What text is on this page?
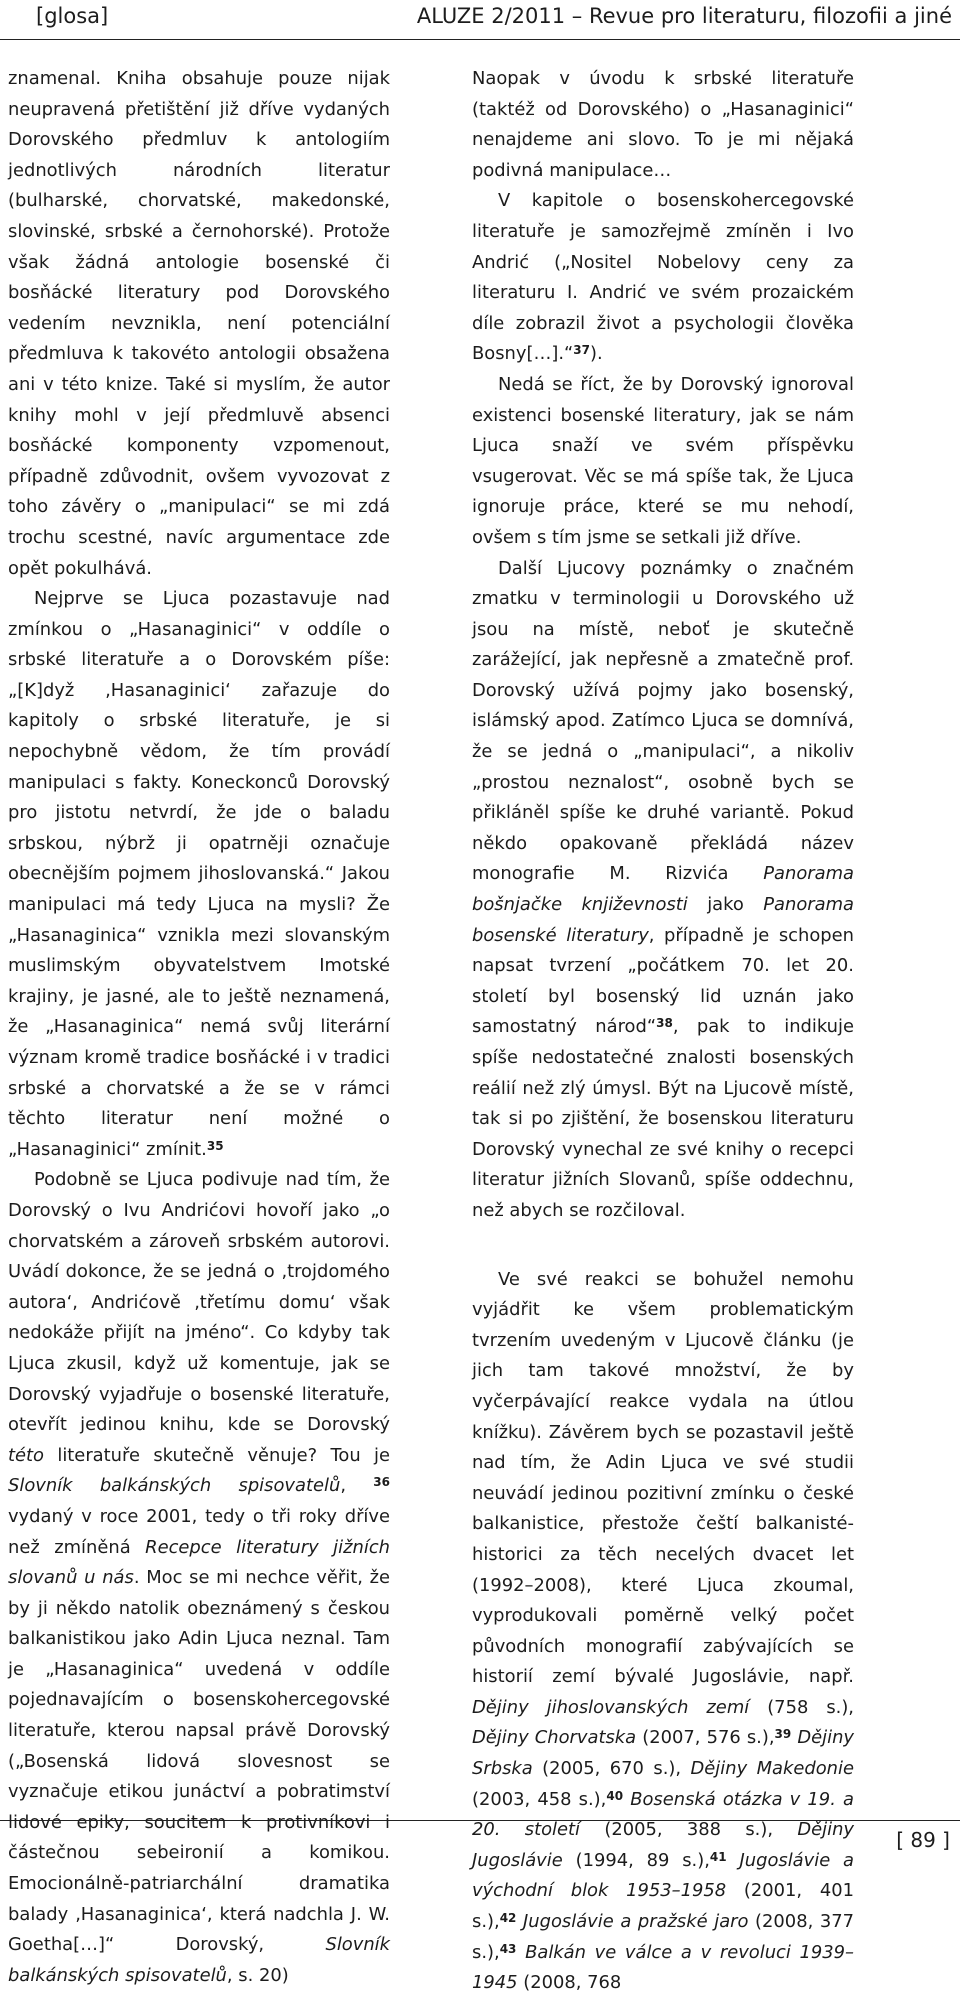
[glosa]	ALUZE 2/2011 – Revue pro literaturu, filozofii a jiné

znamenal. Kniha obsahuje pouze nijak neupravená přetištění již dříve vydaných Dorovského předmluv k antologiím jednotlivých národních literatur (bulharské, chorvatské, makedonské, slovinské, srbské a černohorské). Protože však žádná antologie bosenské či bosňácké literatury pod Dorovského vedením nevznikla, není potenciální předmluva k takovéto antologii obsažena ani v této knize. Také si myslím, že autor knihy mohl v její předmluvě absenci bosňácké komponenty vzpomenout, případně zdůvodnit, ovšem vyvozovat z toho závěry o „manipulaci“ se mi zdá trochu scestné, navíc argumentace zde opět pokulhává.

Nejprve se Ljuca pozastavuje nad zmínkou o „Hasanaginici“ v oddíle o srbské literatuře a o Dorovském píše: „[K]dyž ‚Hasanaginici‘ zařazuje do kapitoly o srbské literatuře, je si nepochybně vědom, že tím provádí manipulaci s fakty. Koneckonců Dorovský pro jistotu netvrdí, že jde o baladu srbskou, nýbrž ji opatrněji označuje obecnějším pojmem jihoslovanská.“ Jakou manipulaci má tedy Ljuca na mysli? Že „Hasanaginica“ vznikla mezi slovanským muslimským obyvatelstvem Imotské krajiny, je jasné, ale to ještě neznamená, že „Hasanaginica“ nemá svůj literární význam kromě tradice bosňácké i v tradici srbské a chorvatské a že se v rámci těchto literatur není možné o „Hasanaginici“ zmínit.$^{35}$

Podobně se Ljuca podivuje nad tím, že Dorovský o Ivu Andrićovi hovoří jako „o chorvatském a zároveň srbském autorovi. Uvádí dokonce, že se jedná o ‚trojdomého autora‘, Andrićově ‚třetímu domu‘ však nedokáže přijít na jméno“. Co kdyby tak Ljuca zkusil, když už komentuje, jak se Dorovský vyjadřuje o bosenské literatuře, otevřít jedinou knihu, kde se Dorovský této literatuře skutečně věnuje? Tou je Slovník balkánských spisovatelů, $^{36}$ vydaný v roce 2001, tedy o tři roky dříve než zmíněná Recepce literatury jižních slovanů u nás. Moc se mi nechce věřit, že by ji někdo natolik obeznámený s českou balkanistikou jako Adin Ljuca neznal. Tam je „Hasanaginica“ uvedená v oddíle pojednavajícím o bosenskohercegovské literatuře, kterou napsal právě Dorovský („Bosenská lidová slovesnost se vyznačuje etikou junáctví a pobratimství lidové epiky, soucitem k protivníkovi i částečnou sebeironií a komikou. Emocionálně-patriarchální dramatika balady ‚Hasanaginica‘, která nadchla J. W. Goetha[…]“ Dorovský, Slovník balkánských spisovatelů, s. 20)

Naopak v úvodu k srbské literatuře (taktéž od Dorovského) o „Hasanaginici“ nenajdeme ani slovo. To je mi nějaká podivná manipulace…

V kapitole o bosenskohercegovské literatuře je samozřejmě zmíněn i Ivo Andrić („Nositel Nobelovy ceny za literaturu I. Andrić ve svém prozaickém díle zobrazil život a psychologii člověka Bosny[…].“$^{37}$).

Nedá se říct, že by Dorovský ignoroval existenci bosenské literatury, jak se nám Ljuca snaží ve svém příspěvku vsugerovat. Věc se má spíše tak, že Ljuca ignoruje práce, které se mu nehodí, ovšem s tím jsme se setkali již dříve.

Další Ljucovy poznámky o značném zmatku v terminologii u Dorovského už jsou na místě, neboť je skutečně zarážející, jak nepřesně a zmatečně prof. Dorovský užívá pojmy jako bosenský, islámský apod. Zatímco Ljuca se domnívá, že se jedná o „manipulaci“, a nikoliv „prostou neznalost“, osobně bych se přikláněl spíše ke druhé variantě. Pokud někdo opakovaně překládá název monografie M. Rizvića Panorama bošnjačke književnosti jako Panorama bosenské literatury, případně je schopen napsat tvrzení „počátkem 70. let 20. století byl bosenský lid uznán jako samostatný národ“$^{38}$, pak to indikuje spíše nedostatečné znalosti bosenských reálií než zlý úmysl. Být na Ljucově místě, tak si po zjištění, že bosenskou literaturu Dorovský vynechal ze své knihy o recepci literatur jižních Slovanů, spíše oddechnu, než abych se rozčiloval.

Ve své reakci se bohužel nemohu vyjádřit ke všem problematickým tvrzením uvedeným v Ljucově článku (je jich tam takové množství, že by vyčerpávající reakce vydala na útlou knížku). Závěrem bych se pozastavil ještě nad tím, že Adin Ljuca ve své studii neuvádí jedinou pozitivní zmínku o české balkanistice, přestože čeští balkanisté-historici za těch necelých dvacet let (1992–2008), které Ljuca zkoumal, vyprodukovali poměrně velký počet původních monografií zabývajících se historií zemí bývalé Jugoslávie, např. Dějiny jihoslovanských zemí (758 s.), Dějiny Chorvatska (2007, 576 s.),$^{39}$ Dějiny Srbska (2005, 670 s.), Dějiny Makedonie (2003, 458 s.),$^{40}$ Bosenská otázka v 19. a 20. století (2005, 388 s.), Dějiny Jugoslávie (1994, 89 s.),$^{41}$ Jugoslávie a východní blok 1953–1958 (2001, 401 s.),$^{42}$ Jugoslávie a pražské jaro (2008, 377 s.),$^{43}$ Balkán ve válce a v revoluci 1939–1945 (2008, 768

[ 89 ]
